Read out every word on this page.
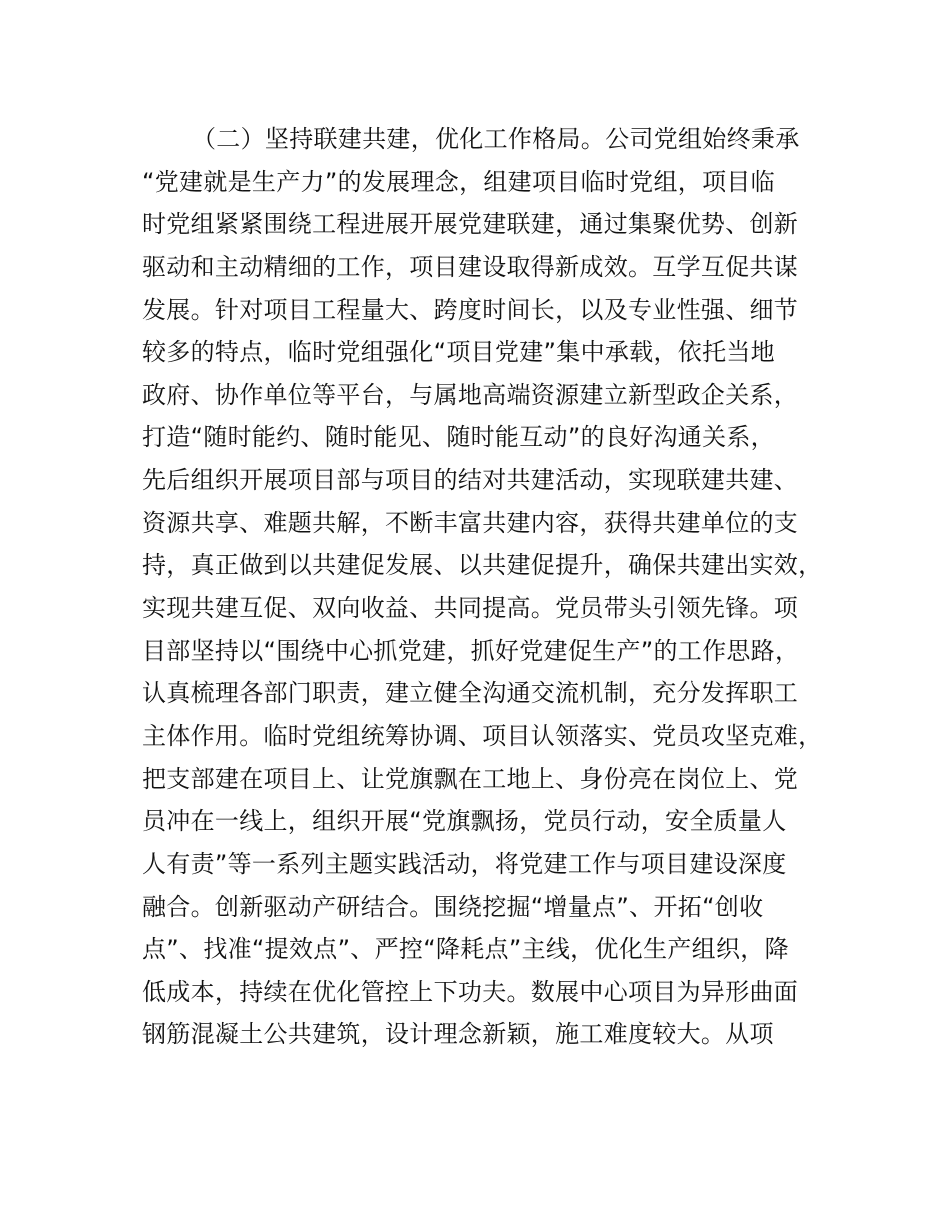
（二）坚持联建共建，优化工作格局。公司党组始终秉承
“党建就是生产力”的发展理念，组建项目临时党组，项目临
时党组紧紧围绕工程进展开展党建联建，通过集聚优势、创新
驱动和主动精细的工作，项目建设取得新成效。互学互促共谋
发展。针对项目工程量大、跨度时间长，以及专业性强、细节
较多的特点，临时党组强化“项目党建”集中承载，依托当地
政府、协作单位等平台，与属地高端资源建立新型政企关系，
打造“随时能约、随时能见、随时能互动”的良好沟通关系，
先后组织开展项目部与项目的结对共建活动，实现联建共建、
资源共享、难题共解，不断丰富共建内容，获得共建单位的支
持，真正做到以共建促发展、以共建促提升，确保共建出实效，
实现共建互促、双向收益、共同提高。党员带头引领先锋。项
目部坚持以“围绕中心抓党建，抓好党建促生产”的工作思路，
认真梳理各部门职责，建立健全沟通交流机制，充分发挥职工
主体作用。临时党组统筹协调、项目认领落实、党员攻坚克难，
把支部建在项目上、让党旗飘在工地上、身份亮在岗位上、党
员冲在一线上，组织开展“党旗飘扬，党员行动，安全质量人
人有责”等一系列主题实践活动，将党建工作与项目建设深度
融合。创新驱动产研结合。围绕挖掘“增量点”、开拓“创收
点”、找准“提效点”、严控“降耗点”主线，优化生产组织，降
低成本，持续在优化管控上下功夫。数展中心项目为异形曲面
钢筋混凝土公共建筑，设计理念新颖，施工难度较大。从项
